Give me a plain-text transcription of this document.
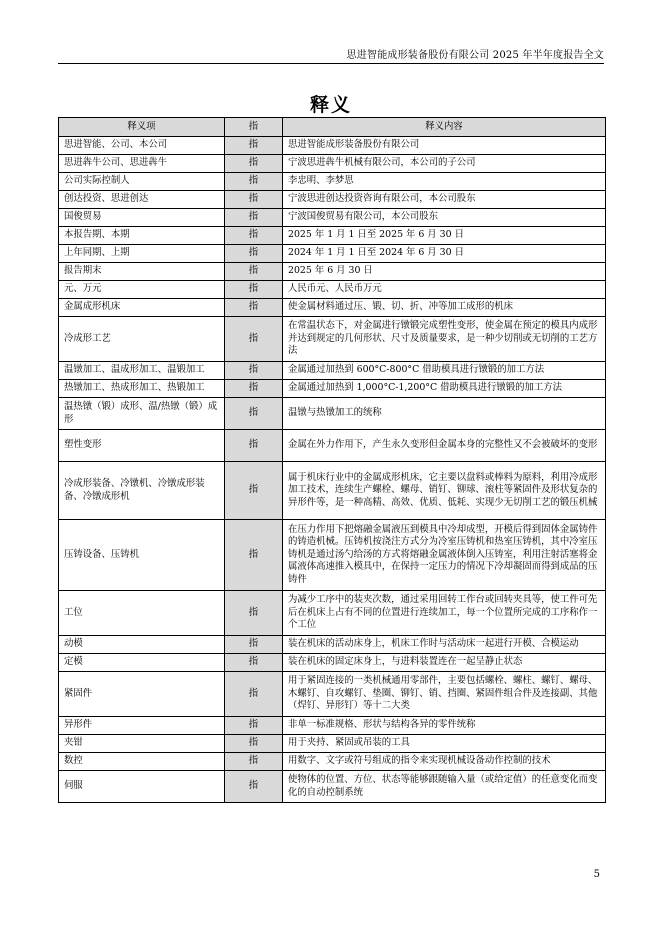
思进智能成形装备股份有限公司 2025 年半年度报告全文
释义
释义项	指	释义内容
思进智能、公司、本公司	指	思进智能成形装备股份有限公司
思进犇牛公司、思进犇牛	指	宁波思进犇牛机械有限公司，本公司的子公司
公司实际控制人	指	李忠明、李梦思
创达投资、思进创达	指	宁波思进创达投资咨询有限公司，本公司股东
国俊贸易	指	宁波国俊贸易有限公司，本公司股东
本报告期、本期	指	2025 年 1 月 1 日至 2025 年 6 月 30 日
上年同期、上期	指	2024 年 1 月 1 日至 2024 年 6 月 30 日
报告期末	指	2025 年 6 月 30 日
元、万元	指	人民币元、人民币万元
金属成形机床	指	使金属材料通过压、锻、切、折、冲等加工成形的机床
冷成形工艺	指	在常温状态下，对金属进行镦锻完成塑性变形，使金属在预定的模具内成形并达到规定的几何形状、尺寸及质量要求，是一种少切削或无切削的工艺方法
温镦加工、温成形加工、温锻加工	指	金属通过加热到 600°C-800°C 借助模具进行镦锻的加工方法
热镦加工、热成形加工、热锻加工	指	金属通过加热到 1,000°C-1,200°C 借助模具进行镦锻的加工方法
温热镦（锻）成形、温/热镦（锻）成形	指	温镦与热镦加工的统称
塑性变形	指	金属在外力作用下，产生永久变形但金属本身的完整性又不会被破坏的变形
冷成形装备、冷镦机、冷镦成形装备、冷镦成形机	指	属于机床行业中的金属成形机床，它主要以盘料或棒料为原料，利用冷成形加工技术，连续生产螺栓、螺母、销钉、铆球、滚柱等紧固件及形状复杂的异形件等，是一种高精、高效、优质、低耗、实现少无切削工艺的锻压机械
压铸设备、压铸机	指	在压力作用下把熔融金属液压到模具中冷却成型，开模后得到固体金属铸件的铸造机械。压铸机按浇注方式分为冷室压铸机和热室压铸机，其中冷室压铸机是通过汤勺给汤的方式将熔融金属液体倒入压铸室，利用注射活塞将金属液体高速推入模具中，在保持一定压力的情况下冷却凝固而得到成品的压铸件
工位	指	为减少工序中的装夹次数，通过采用回转工作台或回转夹具等，使工件可先后在机床上占有不同的位置进行连续加工，每一个位置所完成的工序称作一个工位
动模	指	装在机床的活动床身上，机床工作时与活动床一起进行开模、合模运动
定模	指	装在机床的固定床身上，与进料装置连在一起呈静止状态
紧固件	指	用于紧固连接的一类机械通用零部件，主要包括螺栓、螺柱、螺钉、螺母、木螺钉、自攻螺钉、垫圈、铆钉、销、挡圈、紧固件组合件及连接副、其他（焊钉、异形钉）等十二大类
异形件	指	非单一标准规格、形状与结构各异的零件统称
夹钳	指	用于夹持、紧固或吊装的工具
数控	指	用数字、文字或符号组成的指令来实现机械设备动作控制的技术
伺服	指	使物体的位置、方位、状态等能够跟随输入量（或给定值）的任意变化而变化的自动控制系统
5
